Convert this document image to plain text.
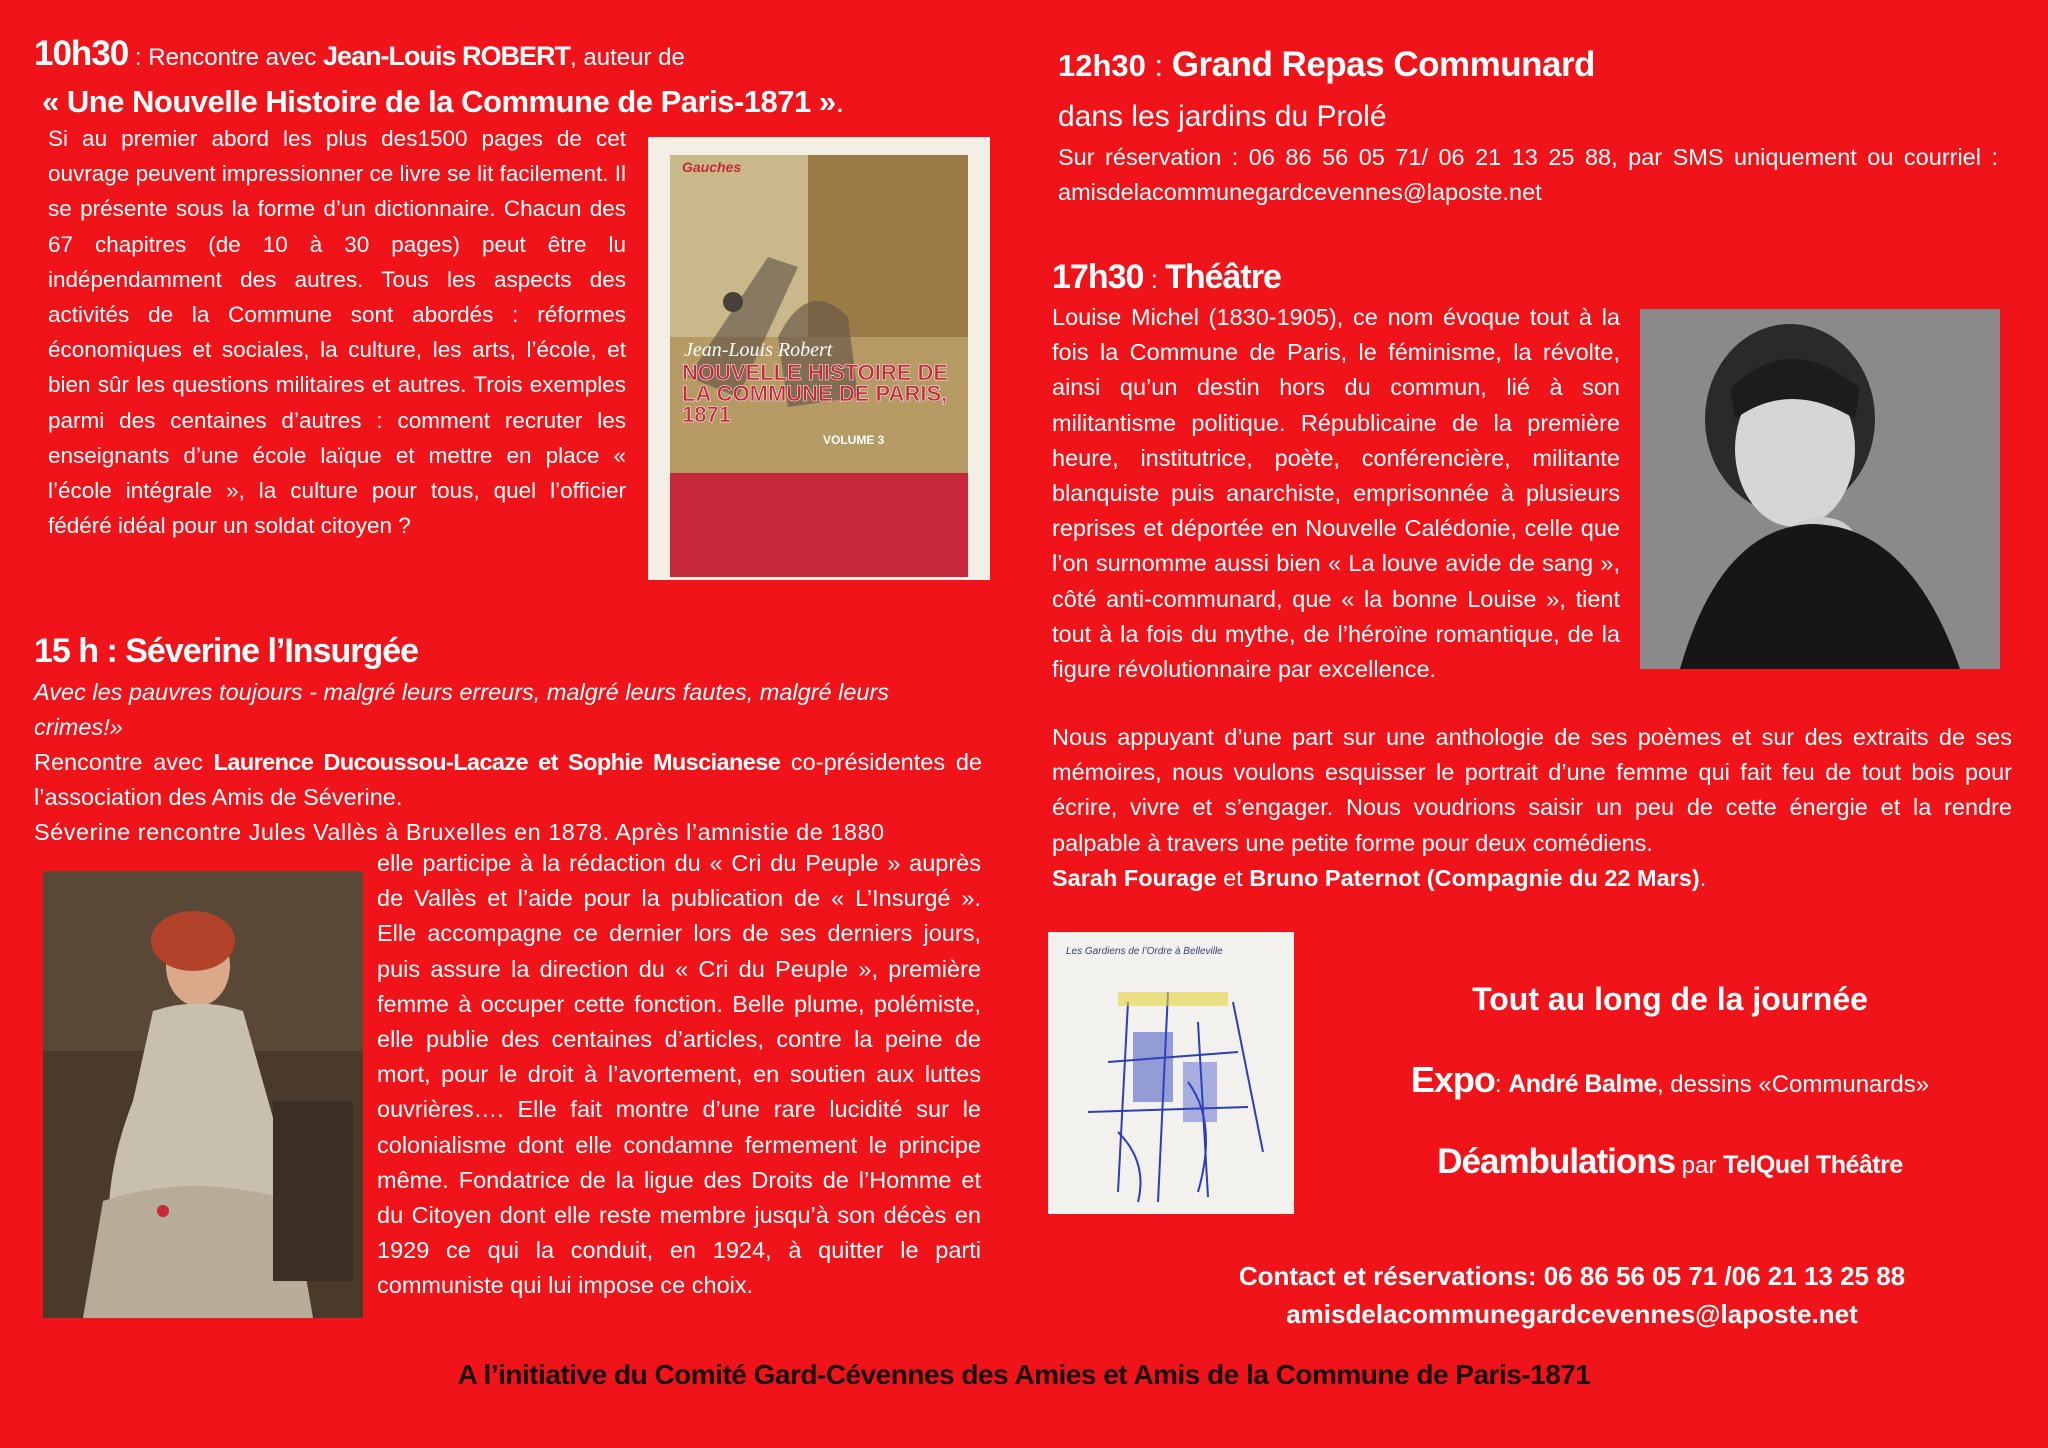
10h30 : Rencontre avec Jean-Louis ROBERT, auteur de
« Une Nouvelle Histoire de la Commune de Paris-1871 ».
Si au premier abord les plus des1500 pages de cet ouvrage peuvent impressionner ce livre se lit facilement. Il se présente sous la forme d’un dictionnaire. Chacun des 67 chapitres (de 10 à 30 pages) peut être lu indépendamment des autres. Tous les aspects des activités de la Commune sont abordés : réformes économiques et sociales, la culture, les arts, l’école, et bien sûr les questions militaires et autres. Trois exemples parmi des centaines d’autres : comment recruter les enseignants d’une école laïque et mettre en place « l’école intégrale », la culture pour tous, quel l’officier fédéré idéal pour un soldat citoyen ?
Gauches
Jean-Louis Robert
NOUVELLE HISTOIRE DE LA COMMUNE DE PARIS, 1871
VOLUME 3
15 h : Séverine l’Insurgée
Avec les pauvres toujours - malgré leurs erreurs, malgré leurs fautes, malgré leurs crimes!»
Rencontre avec Laurence Ducoussou-Lacaze et Sophie Muscianese co-présidentes de l’association des Amis de Séverine.
Séverine rencontre Jules Vallès à Bruxelles en 1878. Après l’amnistie de 1880
elle participe à la rédaction du « Cri du Peuple » auprès de Vallès et l’aide pour la publication de « L’Insurgé ». Elle accompagne ce dernier lors de ses derniers jours, puis assure la direction du « Cri du Peuple », première femme à occuper cette fonction. Belle plume, polémiste, elle publie des centaines d’articles, contre la peine de mort, pour le droit à l’avortement, en soutien aux luttes ouvrières…. Elle fait montre d’une rare lucidité sur le colonialisme dont elle condamne fermement le principe même. Fondatrice de la ligue des Droits de l’Homme et du Citoyen dont elle reste membre jusqu’à son décès en 1929 ce qui la conduit, en 1924, à quitter le parti communiste qui lui impose ce choix.
12h30 : Grand Repas Communard
dans les jardins du Prolé
Sur réservation : 06 86 56 05 71/ 06 21 13 25 88, par SMS uniquement ou courriel : amisdelacommunegardcevennes@laposte.net
17h30 : Théâtre
Louise Michel (1830-1905), ce nom évoque tout à la fois la Commune de Paris, le féminisme, la révolte, ainsi qu’un destin hors du commun, lié à son militantisme politique. Républicaine de la première heure, institutrice, poète, conférencière, militante blanquiste puis anarchiste, emprisonnée à plusieurs reprises et déportée en Nouvelle Calédonie, celle que l’on surnomme aussi bien « La louve avide de sang », côté anti-communard, que « la bonne Louise », tient tout à la fois du mythe, de l’héroïne romantique, de la figure révolutionnaire par excellence.
Nous appuyant d’une part sur une anthologie de ses poèmes et sur des extraits de ses mémoires, nous voulons esquisser le portrait d’une femme qui fait feu de tout bois pour écrire, vivre et s’engager. Nous voudrions saisir un peu de cette énergie et la rendre palpable à travers une petite forme pour deux comédiens.
Sarah Fourage et Bruno Paternot (Compagnie du 22 Mars).
Les Gardiens de l’Ordre à Belleville
Tout au long de la journée
Expo: André Balme, dessins «Communards»
Déambulations par TelQuel Théâtre
Contact et réservations: 06 86 56 05 71 /06 21 13 25 88
amisdelacommunegardcevennes@laposte.net
A l’initiative du Comité Gard-Cévennes des Amies et Amis de la Commune de Paris-1871
